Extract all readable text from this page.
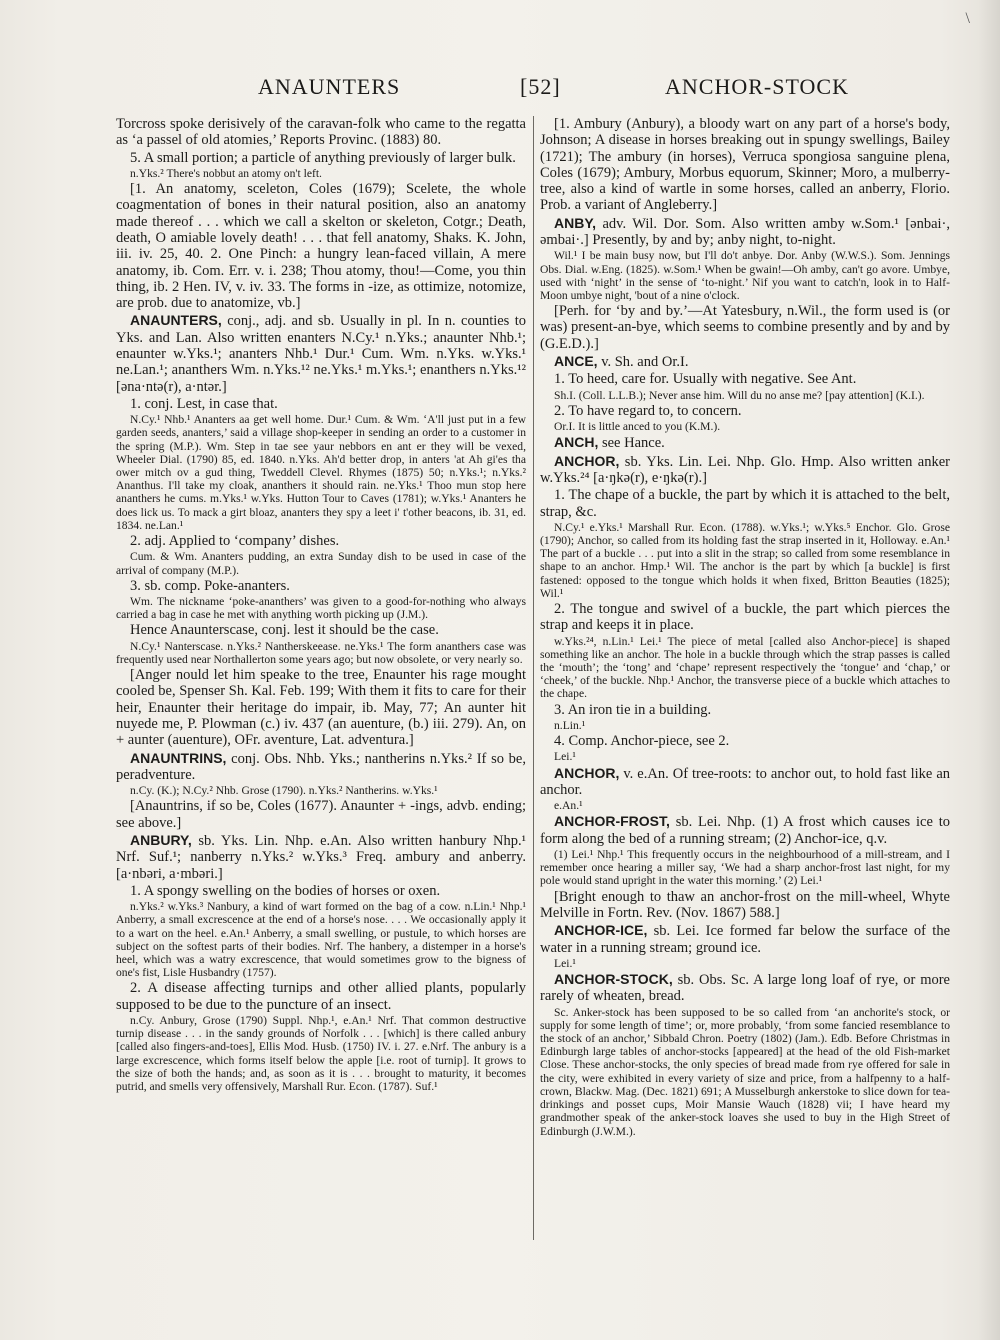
\
ANAUNTERS	[52]	ANCHOR-STOCK

Torcross spoke derisively of the caravan-folk who came to the regatta as ‘a passel of old atomies,’ Reports Provinc. (1883) 80.

5. A small portion; a particle of anything previously of larger bulk.

n.Yks.² There's nobbut an atomy on't left.

[1. An anatomy, sceleton, Coles (1679); Scelete, the whole coagmentation of bones in their natural position, also an anatomy made thereof . . . which we call a skelton or skeleton, Cotgr.; Death, death, O amiable lovely death! . . . that fell anatomy, Shaks. K. John, iii. iv. 25, 40. 2. One Pinch: a hungry lean-faced villain, A mere anatomy, ib. Com. Err. v. i. 238; Thou atomy, thou!—Come, you thin thing, ib. 2 Hen. IV, v. iv. 33. The forms in -ize, as ottimize, notomize, are prob. due to anatomize, vb.]

ANAUNTERS, conj., adj. and sb. Usually in pl. In n. counties to Yks. and Lan. Also written enanters N.Cy.¹ n.Yks.; anaunter Nhb.¹; enaunter w.Yks.¹; ananters Nhb.¹ Dur.¹ Cum. Wm. n.Yks. w.Yks.¹ ne.Lan.¹; ananthers Wm. n.Yks.¹² ne.Yks.¹ m.Yks.¹; enanthers n.Yks.¹² [əna·ntə(r), a·ntər.]

1. conj. Lest, in case that.

N.Cy.¹ Nhb.¹ Ananters aa get well home. Dur.¹ Cum. & Wm. ‘A'll just put in a few garden seeds, ananters,’ said a village shop-keeper in sending an order to a customer in the spring (M.P.). Wm. Step in tae see yaur nebbors en ant er they will be vexed, Wheeler Dial. (1790) 85, ed. 1840. n.Yks. Ah'd better drop, in anters 'at Ah gi'es tha ower mitch ov a gud thing, Tweddell Clevel. Rhymes (1875) 50; n.Yks.¹; n.Yks.² Ananthus. I'll take my cloak, ananthers it should rain. ne.Yks.¹ Thoo mun stop here ananthers he cums. m.Yks.¹ w.Yks. Hutton Tour to Caves (1781); w.Yks.¹ Ananters he does lick us. To mack a girt bloaz, ananters they spy a leet i' t'other beacons, ib. 31, ed. 1834. ne.Lan.¹

2. adj. Applied to ‘company’ dishes.

Cum. & Wm. Ananters pudding, an extra Sunday dish to be used in case of the arrival of company (M.P.).

3. sb. comp. Poke-ananters.

Wm. The nickname ‘poke-ananthers’ was given to a good-for-nothing who always carried a bag in case he met with anything worth picking up (J.M.).

Hence Anaunterscase, conj. lest it should be the case.

N.Cy.¹ Nanterscase. n.Yks.² Nantherskeease. ne.Yks.¹ The form ananthers case was frequently used near Northallerton some years ago; but now obsolete, or very nearly so.

[Anger nould let him speake to the tree, Enaunter his rage mought cooled be, Spenser Sh. Kal. Feb. 199; With them it fits to care for their heir, Enaunter their heritage do impair, ib. May, 77; An aunter hit nuyede me, P. Plowman (c.) iv. 437 (an auenture, (b.) iii. 279). An, on + aunter (auenture), OFr. aventure, Lat. adventura.]

ANAUNTRINS, conj. Obs. Nhb. Yks.; nantherins n.Yks.² If so be, peradventure.

n.Cy. (K.); N.Cy.² Nhb. Grose (1790). n.Yks.² Nantherins. w.Yks.¹

[Anauntrins, if so be, Coles (1677). Anaunter + -ings, advb. ending; see above.]

ANBURY, sb. Yks. Lin. Nhp. e.An. Also written hanbury Nhp.¹ Nrf. Suf.¹; nanberry n.Yks.² w.Yks.³ Freq. ambury and anberry. [a·nbəri, a·mbəri.]

1. A spongy swelling on the bodies of horses or oxen.

n.Yks.² w.Yks.³ Nanbury, a kind of wart formed on the bag of a cow. n.Lin.¹ Nhp.¹ Anberry, a small excrescence at the end of a horse's nose. . . . We occasionally apply it to a wart on the heel. e.An.¹ Anberry, a small swelling, or pustule, to which horses are subject on the softest parts of their bodies. Nrf. The hanbery, a distemper in a horse's heel, which was a watry excrescence, that would sometimes grow to the bigness of one's fist, Lisle Husbandry (1757).

2. A disease affecting turnips and other allied plants, popularly supposed to be due to the puncture of an insect.

n.Cy. Anbury, Grose (1790) Suppl. Nhp.¹, e.An.¹ Nrf. That common destructive turnip disease . . . in the sandy grounds of Norfolk . . . [which] is there called anbury [called also fingers-and-toes], Ellis Mod. Husb. (1750) IV. i. 27. e.Nrf. The anbury is a large excrescence, which forms itself below the apple [i.e. root of turnip]. It grows to the size of both the hands; and, as soon as it is . . . brought to maturity, it becomes putrid, and smells very offensively, Marshall Rur. Econ. (1787). Suf.¹

[1. Ambury (Anbury), a bloody wart on any part of a horse's body, Johnson; A disease in horses breaking out in spungy swellings, Bailey (1721); The ambury (in horses), Verruca spongiosa sanguine plena, Coles (1679); Ambury, Morbus equorum, Skinner; Moro, a mulberry-tree, also a kind of wartle in some horses, called an anberry, Florio. Prob. a variant of Angleberry.]

ANBY, adv. Wil. Dor. Som. Also written amby w.Som.¹ [ənbai·, əmbai·.] Presently, by and by; anby night, to-night.

Wil.¹ I be main busy now, but I'll do't anbye. Dor. Anby (W.W.S.). Som. Jennings Obs. Dial. w.Eng. (1825). w.Som.¹ When be gwain!—Oh amby, can't go avore. Umbye, used with ‘night’ in the sense of ‘to-night.’ Nif you want to catch'n, look in to Half-Moon umbye night, 'bout of a nine o'clock.

[Perh. for ‘by and by.’—At Yatesbury, n.Wil., the form used is (or was) present-an-bye, which seems to combine presently and by and by (G.E.D.).]

ANCE, v. Sh. and Or.I.

1. To heed, care for. Usually with negative. See Ant.

Sh.I. (Coll. L.L.B.); Never anse him. Will du no anse me? [pay attention] (K.I.).

2. To have regard to, to concern.

Or.I. It is little anced to you (K.M.).

ANCH, see Hance.

ANCHOR, sb. Yks. Lin. Lei. Nhp. Glo. Hmp. Also written anker w.Yks.²⁴ [a·ŋkə(r), e·ŋkə(r).]

1. The chape of a buckle, the part by which it is attached to the belt, strap, &c.

N.Cy.¹ e.Yks.¹ Marshall Rur. Econ. (1788). w.Yks.¹; w.Yks.⁵ Enchor. Glo. Grose (1790); Anchor, so called from its holding fast the strap inserted in it, Holloway. e.An.¹ The part of a buckle . . . put into a slit in the strap; so called from some resemblance in shape to an anchor. Hmp.¹ Wil. The anchor is the part by which [a buckle] is first fastened: opposed to the tongue which holds it when fixed, Britton Beauties (1825); Wil.¹

2. The tongue and swivel of a buckle, the part which pierces the strap and keeps it in place.

w.Yks.²⁴, n.Lin.¹ Lei.¹ The piece of metal [called also Anchor-piece] is shaped something like an anchor. The hole in a buckle through which the strap passes is called the ‘mouth’; the ‘tong’ and ‘chape’ represent respectively the ‘tongue’ and ‘chap,’ or ‘cheek,’ of the buckle. Nhp.¹ Anchor, the transverse piece of a buckle which attaches to the chape.

3. An iron tie in a building.

n.Lin.¹

4. Comp. Anchor-piece, see 2.

Lei.¹

ANCHOR, v. e.An. Of tree-roots: to anchor out, to hold fast like an anchor.

e.An.¹

ANCHOR-FROST, sb. Lei. Nhp. (1) A frost which causes ice to form along the bed of a running stream; (2) Anchor-ice, q.v.

(1) Lei.¹ Nhp.¹ This frequently occurs in the neighbourhood of a mill-stream, and I remember once hearing a miller say, ‘We had a sharp anchor-frost last night, for my pole would stand upright in the water this morning.’ (2) Lei.¹

[Bright enough to thaw an anchor-frost on the mill-wheel, Whyte Melville in Fortn. Rev. (Nov. 1867) 588.]

ANCHOR-ICE, sb. Lei. Ice formed far below the surface of the water in a running stream; ground ice.

Lei.¹

ANCHOR-STOCK, sb. Obs. Sc. A large long loaf of rye, or more rarely of wheaten, bread.

Sc. Anker-stock has been supposed to be so called from ‘an anchorite's stock, or supply for some length of time’; or, more probably, ‘from some fancied resemblance to the stock of an anchor,’ Sibbald Chron. Poetry (1802) (Jam.). Edb. Before Christmas in Edinburgh large tables of anchor-stocks [appeared] at the head of the old Fish-market Close. These anchor-stocks, the only species of bread made from rye offered for sale in the city, were exhibited in every variety of size and price, from a halfpenny to a half-crown, Blackw. Mag. (Dec. 1821) 691; A Musselburgh ankerstoke to slice down for tea-drinkings and posset cups, Moir Mansie Wauch (1828) vii; I have heard my grandmother speak of the anker-stock loaves she used to buy in the High Street of Edinburgh (J.W.M.).
